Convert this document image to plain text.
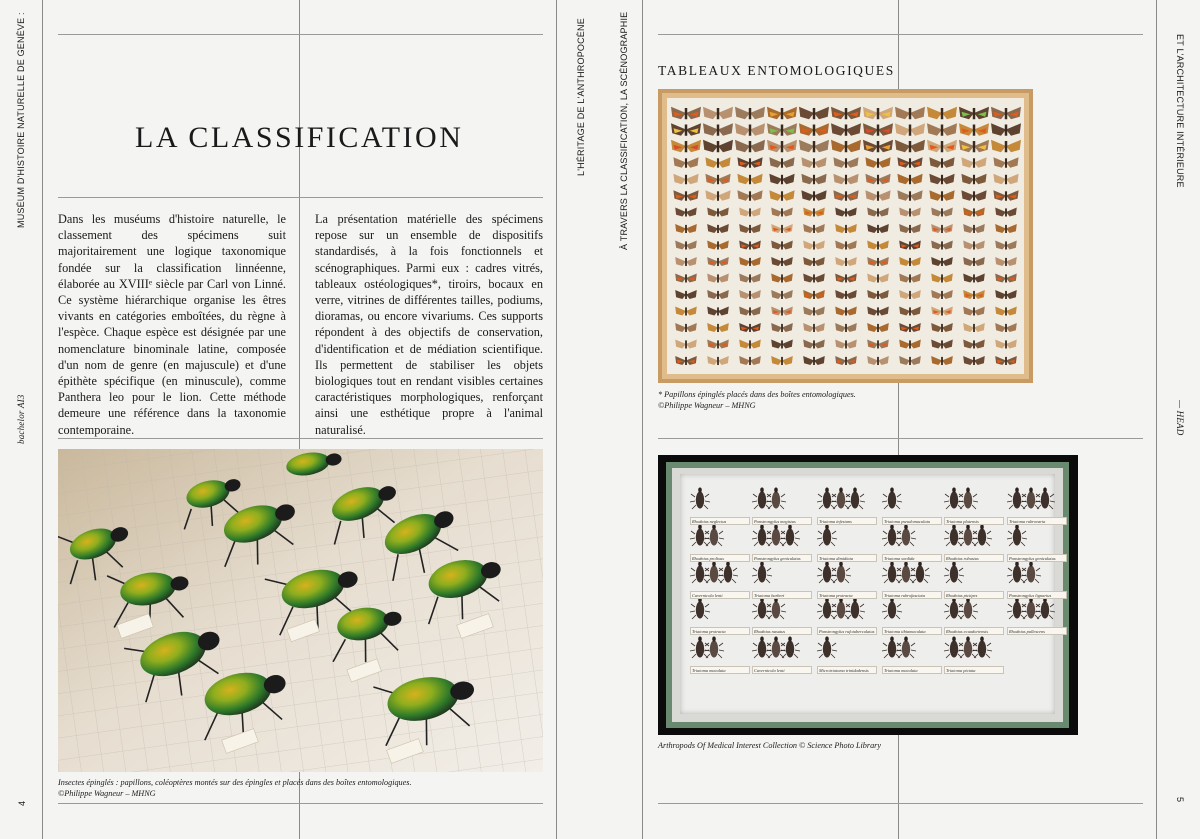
MUSÉUM D'HISTOIRE NATURELLE DE GENÈVE :
bachelor AI3
4
L'HÉRITAGE DE L'ANTHROPOCÈNE	À TRAVERS LA CLASSIFICATION, LA SCÉNOGRAPHIE	ET L'ARCHITECTURE INTÉRIEURE
— HEAD
5
LA CLASSIFICATION

Dans les muséums d'histoire naturelle, le classement des spécimens suit majoritairement une logique taxonomique fondée sur la classification linnéenne, élaborée au XVIIIᵉ siècle par Carl von Linné. Ce système hiérarchique organise les êtres vivants en catégories emboîtées, du règne à l'espèce. Chaque espèce est désignée par une nomenclature binominale latine, composée d'un nom de genre (en majuscule) et d'une épithète spécifique (en minuscule), comme Panthera leo pour le lion. Cette méthode demeure une référence dans la taxonomie contemporaine.

La présentation matérielle des spécimens repose sur un ensemble de dispositifs standardisés, à la fois fonctionnels et scénographiques. Parmi eux : cadres vitrés, tableaux ostéologiques*, tiroirs, bocaux en verre, vitrines de différentes tailles, podiums, dioramas, ou encore vivariums. Ces supports répondent à des objectifs de conservation, d'identification et de médiation scientifique. Ils permettent de stabiliser les objets biologiques tout en rendant visibles certaines caractéristiques morphologiques, renforçant ainsi une esthétique propre à l'animal naturalisé.

Insectes épinglés : papillons, coléoptères montés sur des épingles et placés dans des boîtes entomologiques.
©Philippe Wagneur – MHNG
TABLEAUX ENTOMOLOGIQUES
* Papillons épinglés placés dans des boîtes entomologiques.
©Philippe Wagneur – MHNG
Rhodnius neglectus	Panstrongylus megistus	Triatoma infestans	Triatoma pseudomaculata	Triatoma platensis	Triatoma rubrovaria
Rhodnius prolixus	Panstrongylus geniculatus	Triatoma dimidiata	Triatoma sordida	Rhodnius robustus	Panstrongylus geniculatus
Cavernicola lenti	Triatoma barberi	Triatoma protracta	Triatoma rubrofasciata	Rhodnius pictipes	Panstrongylus lignarius
Triatoma protracta	Rhodnius nasutus	Panstrongylus rufotuberculatus	Triatoma tibiamaculata	Rhodnius ecuadoriensis	Rhodnius pallescens
Triatoma maculata	Cavernicola lenti	Microtriatoma trinidadensis	Triatoma maculata	Triatoma pictata
Arthropods Of Medical Interest Collection © Science Photo Library
